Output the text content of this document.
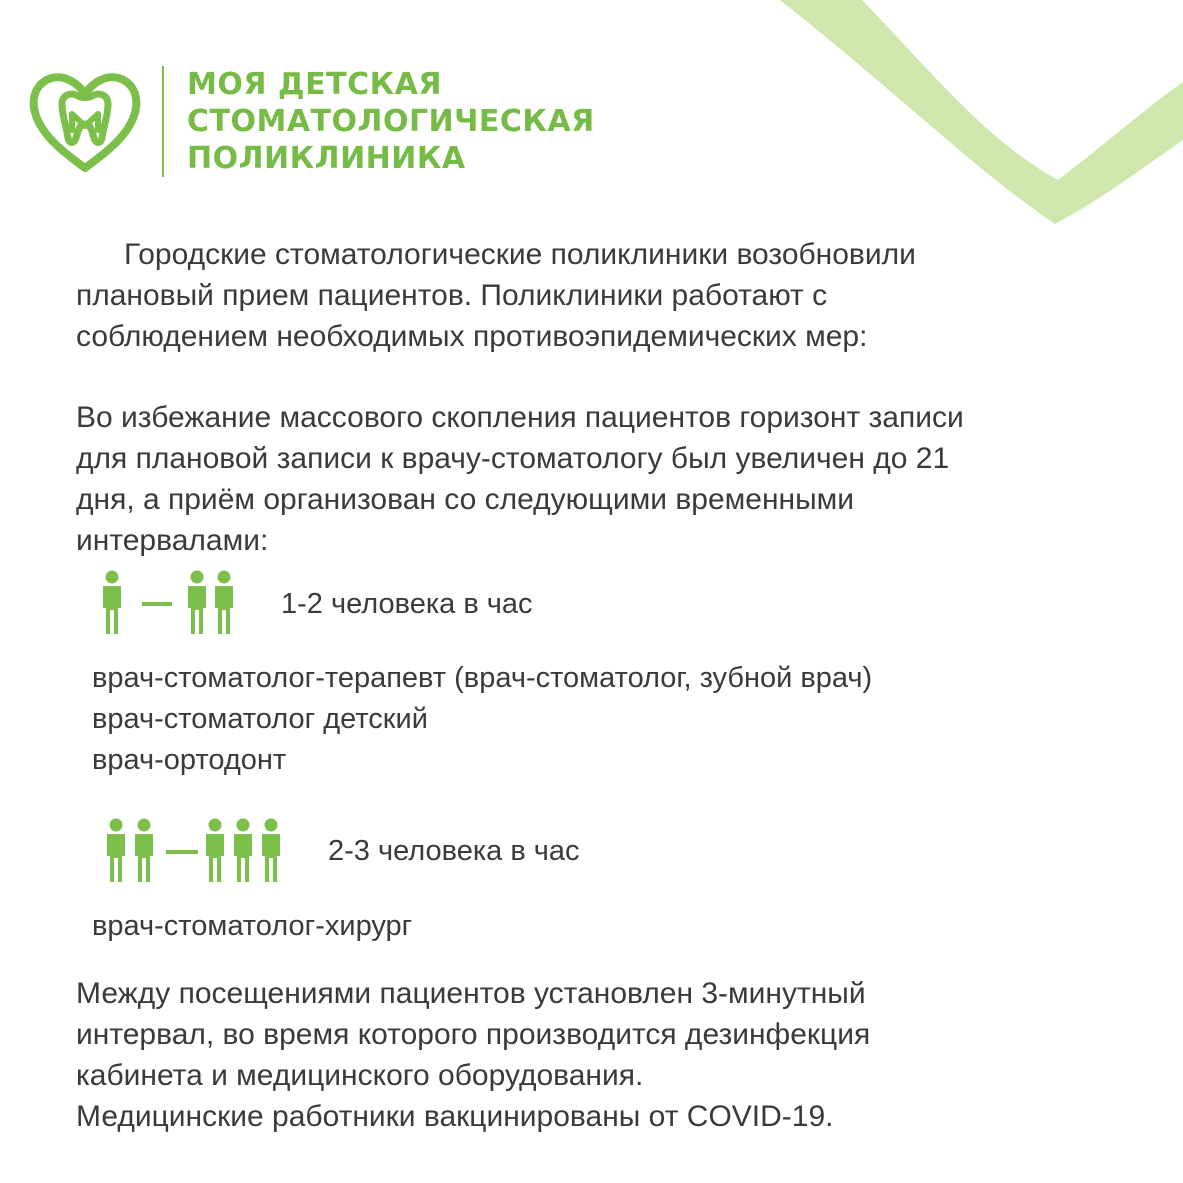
МОЯ ДЕТСКАЯ
СТОМАТОЛОГИЧЕСКАЯ
ПОЛИКЛИНИКА
Городские стоматологические поликлиники возобновили
плановый прием пациентов. Поликлиники работают с
соблюдением необходимых противоэпидемических мер:
Во избежание массового скопления пациентов горизонт записи
для плановой записи к врачу-стоматологу был увеличен до 21
дня, а приём организован со следующими временными
интервалами:
1-2 человека в час
врач-стоматолог-терапевт (врач-стоматолог, зубной врач)
врач-стоматолог детский
врач-ортодонт
2-3 человека в час
врач-стоматолог-хирург
Между посещениями пациентов установлен 3-минутный
интервал, во время которого производится дезинфекция
кабинета и медицинского оборудования.
Медицинские работники вакцинированы от COVID-19.
